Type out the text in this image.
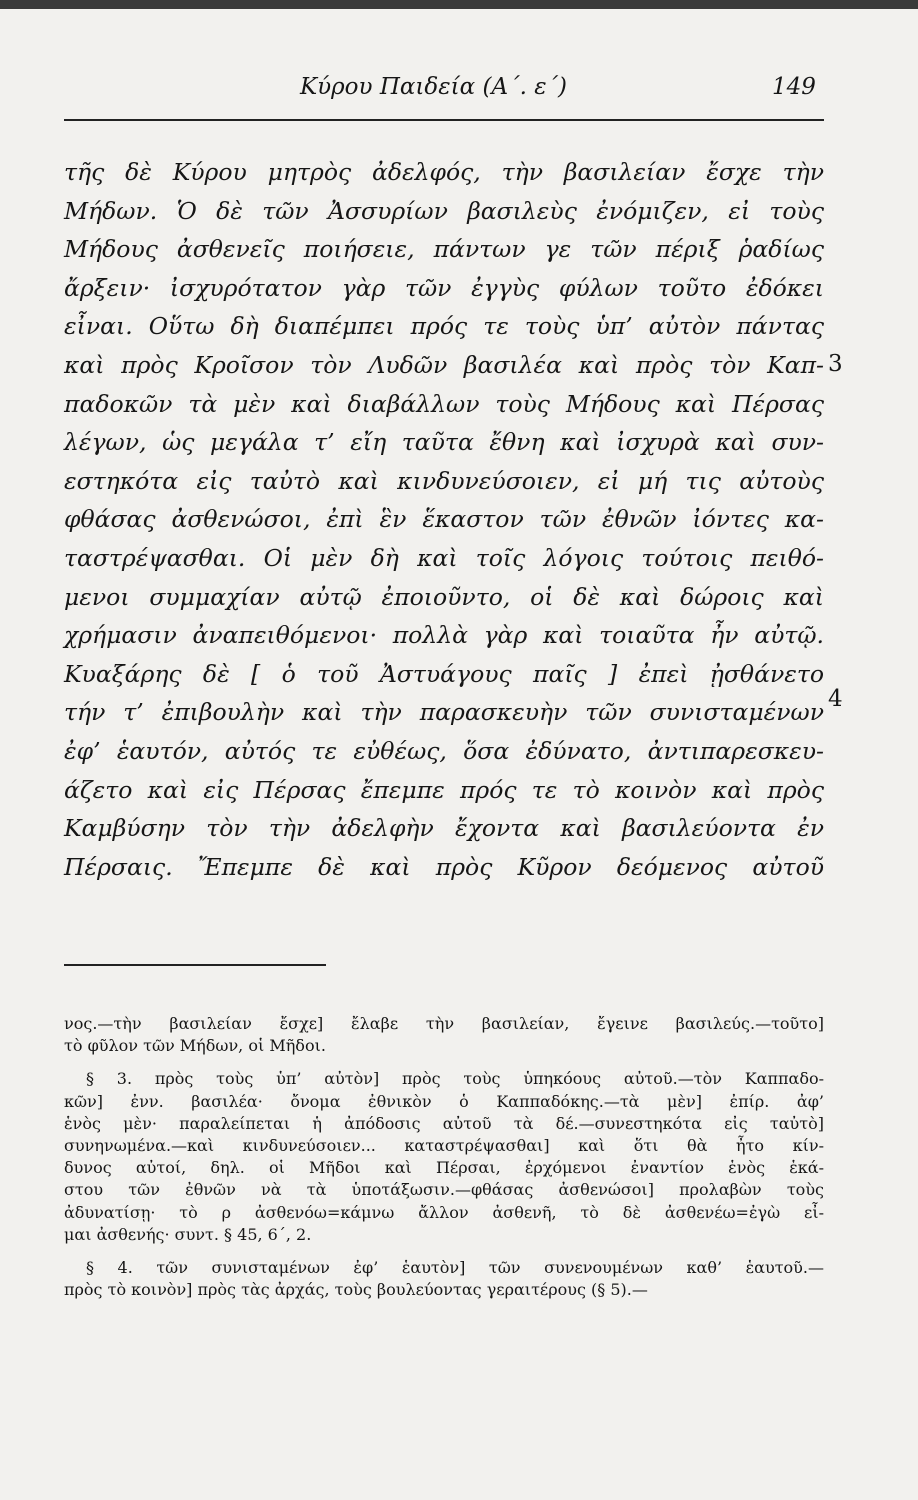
Κύρου Παιδεία (Α΄. ε΄)	149
τῆς δὲ Κύρου μητρὸς ἀδελφός, τὴν βασιλείαν ἔσχε τὴν
Μήδων. Ὁ δὲ τῶν Ἀσσυρίων βασιλεὺς ἐνόμιζεν, εἰ τοὺς
Μήδους ἀσθενεῖς ποιήσειε, πάντων γε τῶν πέριξ ῥαδίως
ἄρξειν· ἰσχυρότατον γὰρ τῶν ἐγγὺς φύλων τοῦτο ἐδόκει
εἶναι. Οὕτω δὴ διαπέμπει πρός τε τοὺς ὑπ’ αὐτὸν πάντας
καὶ πρὸς Κροῖσον τὸν Λυδῶν βασιλέα καὶ πρὸς τὸν Καπ-
παδοκῶν τὰ μὲν καὶ διαβάλλων τοὺς Μήδους καὶ Πέρσας
λέγων, ὡς μεγάλα τ’ εἴη ταῦτα ἔθνη καὶ ἰσχυρὰ καὶ συν-
εστηκότα εἰς ταὐτὸ καὶ κινδυνεύσοιεν, εἰ μή τις αὐτοὺς
φθάσας ἀσθενώσοι, ἐπὶ ἓν ἕκαστον τῶν ἐθνῶν ἰόντες κα-
ταστρέψασθαι. Οἱ μὲν δὴ καὶ τοῖς λόγοις τούτοις πειθό-
μενοι συμμαχίαν αὐτῷ ἐποιοῦντο, οἱ δὲ καὶ δώροις καὶ
χρήμασιν ἀναπειθόμενοι· πολλὰ γὰρ καὶ τοιαῦτα ἦν αὐτῷ.
Κυαξάρης δὲ [ ὁ τοῦ Ἀστυάγους παῖς ] ἐπεὶ ᾐσθάνετο
τήν τ’ ἐπιβουλὴν καὶ τὴν παρασκευὴν τῶν συνισταμένων
ἐφ’ ἑαυτόν, αὐτός τε εὐθέως, ὅσα ἐδύνατο, ἀντιπαρεσκευ-
άζετο καὶ εἰς Πέρσας ἔπεμπε πρός τε τὸ κοινὸν καὶ πρὸς
Καμβύσην τὸν τὴν ἀδελφὴν ἔχοντα καὶ βασιλεύοντα ἐν
Πέρσαις. Ἔπεμπε δὲ καὶ πρὸς Κῦρον δεόμενος αὐτοῦ
3
4
νος.—τὴν βασιλείαν ἔσχε] ἔλαβε τὴν βασιλείαν, ἔγεινε βασιλεύς.—τοῦτο]
τὸ φῦλον τῶν Μήδων, οἱ Μῆδοι.
§ 3. πρὸς τοὺς ὑπ’ αὐτὸν] πρὸς τοὺς ὑπηκόους αὐτοῦ.—τὸν Καππαδο-
κῶν] ἐνν. βασιλέα· ὄνομα ἐθνικὸν ὁ Καππαδόκης.—τὰ μὲν] ἐπίρ. ἀφ’
ἑνὸς μὲν· παραλείπεται ἡ ἀπόδοσις αὐτοῦ τὰ δέ.—συνεστηκότα εἰς ταὐτὸ]
συνηνωμένα.—καὶ κινδυνεύσοιεν... καταστρέψασθαι] καὶ ὅτι θὰ ἦτο κίν-
δυνος αὐτοί, δηλ. οἱ Μῆδοι καὶ Πέρσαι, ἐρχόμενοι ἐναντίον ἑνὸς ἑκά-
στου τῶν ἐθνῶν νὰ τὰ ὑποτάξωσιν.—φθάσας ἀσθενώσοι] προλαβὼν τοὺς
ἀδυνατίσῃ· τὸ ρ ἀσθενόω=κάμνω ἄλλον ἀσθενῆ, τὸ δὲ ἀσθενέω=ἐγὼ εἶ-
μαι ἀσθενής· συντ. § 45, 6΄, 2.
§ 4. τῶν συνισταμένων ἐφ’ ἑαυτὸν] τῶν συνενουμένων καθ’ ἑαυτοῦ.—
πρὸς τὸ κοινὸν] πρὸς τὰς ἀρχάς, τοὺς βουλεύοντας γεραιτέρους (§ 5).—
